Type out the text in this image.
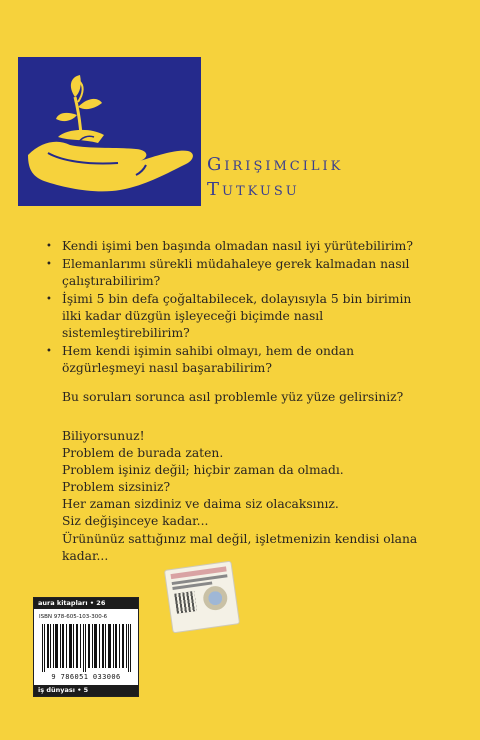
Girişimcilik
Tutkusu
• Kendi işimi ben başında olmadan nasıl iyi yürütebilirim?
• Elemanlarımı sürekli müdahaleye gerek kalmadan nasıl çalıştırabilirim?
• İşimi 5 bin defa çoğaltabilecek, dolayısıyla 5 bin birimin ilki kadar düzgün işleyeceği biçimde nasıl sistemleştirebilirim?
• Hem kendi işimin sahibi olmayı, hem de ondan özgürleşmeyi nasıl başarabilirim?

Bu soruları sorunca asıl problemle yüz yüze gelirsiniz?

Biliyorsunuz!
Problem de burada zaten.
Problem işiniz değil; hiçbir zaman da olmadı.
Problem sizsiniz?
Her zaman sizdiniz ve daima siz olacaksınız.
Siz değişinceye kadar...
Ürününüz sattığınız mal değil, işletmenizin kendisi olana
kadar...
aura kitapları • 26
ISBN 978-605-103-300-6
9 786051 033006
iş dünyası • 5
